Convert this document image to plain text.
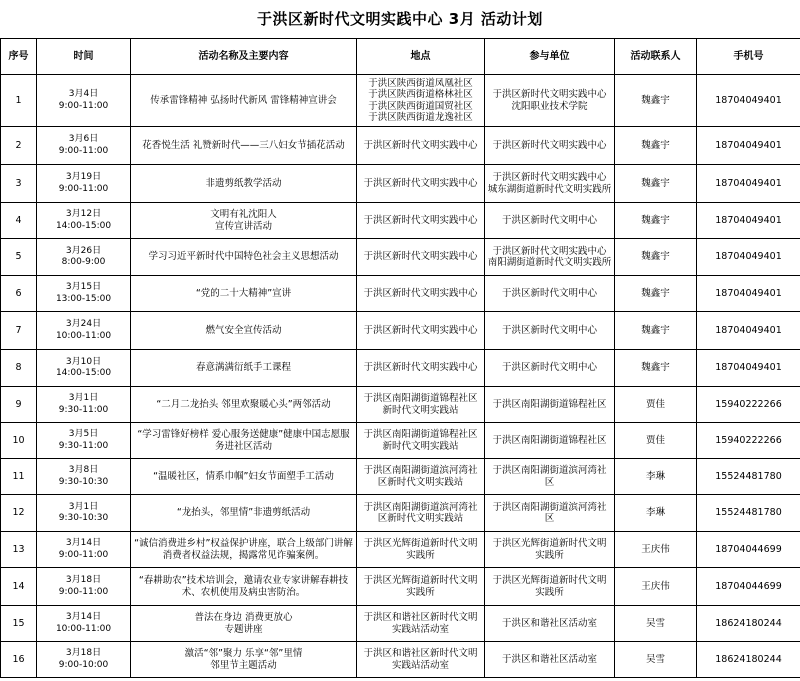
于洪区新时代文明实践中心 3月 活动计划
序号	时间	活动名称及主要内容	地点	参与单位	活动联系人	手机号
1	3月4日
9:00-11:00	传承雷锋精神 弘扬时代新风 雷锋精神宣讲会	于洪区陕西街道凤凰社区
于洪区陕西街道格林社区
于洪区陕西街道国贸社区
于洪区陕西街道龙逸社区	于洪区新时代文明实践中心
沈阳职业技术学院	魏鑫宇	18704049401
2	3月6日
9:00-11:00	花香悦生活 礼赞新时代——三八妇女节插花活动	于洪区新时代文明实践中心	于洪区新时代文明实践中心	魏鑫宇	18704049401
3	3月19日
9:00-11:00	非遗剪纸教学活动	于洪区新时代文明实践中心	于洪区新时代文明实践中心
城东湖街道新时代文明实践所	魏鑫宇	18704049401
4	3月12日
14:00-15:00	文明有礼沈阳人
宣传宣讲活动	于洪区新时代文明实践中心	于洪区新时代文明中心	魏鑫宇	18704049401
5	3月26日
8:00-9:00	学习习近平新时代中国特色社会主义思想活动	于洪区新时代文明实践中心	于洪区新时代文明实践中心
南阳湖街道新时代文明实践所	魏鑫宇	18704049401
6	3月15日
13:00-15:00	“党的二十大精神”宣讲	于洪区新时代文明实践中心	于洪区新时代文明中心	魏鑫宇	18704049401
7	3月24日
10:00-11:00	燃气安全宣传活动	于洪区新时代文明实践中心	于洪区新时代文明中心	魏鑫宇	18704049401
8	3月10日
14:00-15:00	春意满满衍纸手工课程	于洪区新时代文明实践中心	于洪区新时代文明中心	魏鑫宇	18704049401
9	3月1日
9:30-11:00	“二月二龙抬头 邻里欢聚暖心头”两邻活动	于洪区南阳湖街道锦程社区
新时代文明实践站	于洪区南阳湖街道锦程社区	贾佳	15940222266
10	3月5日
9:30-11:00	“学习雷锋好榜样 爱心服务送健康”健康中国志愿服务进社区活动	于洪区南阳湖街道锦程社区
新时代文明实践站	于洪区南阳湖街道锦程社区	贾佳	15940222266
11	3月8日
9:30-10:30	“温暖社区，情系巾帼”妇女节面塑手工活动	于洪区南阳湖街道滨河湾社
区新时代文明实践站	于洪区南阳湖街道滨河湾社
区	李琳	15524481780
12	3月1日
9:30-10:30	“龙抬头，邻里情”非遗剪纸活动	于洪区南阳湖街道滨河湾社
区新时代文明实践站	于洪区南阳湖街道滨河湾社
区	李琳	15524481780
13	3月14日
9:00-11:00	“诚信消费进乡村”权益保护讲座，联合上级部门讲解消费者权益法规，揭露常见诈骗案例。	于洪区光辉街道新时代文明
实践所	于洪区光辉街道新时代文明
实践所	王庆伟	18704044699
14	3月18日
9:00-11:00	“春耕助农”技术培训会，邀请农业专家讲解春耕技术、农机使用及病虫害防治。	于洪区光辉街道新时代文明
实践所	于洪区光辉街道新时代文明
实践所	王庆伟	18704044699
15	3月14日
10:00-11:00	普法在身边 消费更放心
专题讲座	于洪区和谐社区新时代文明
实践站活动室	于洪区和谐社区活动室	吴雪	18624180244
16	3月18日
9:00-10:00	激活“邻”聚力 乐享“邻”里情
邻里节主题活动	于洪区和谐社区新时代文明
实践站活动室	于洪区和谐社区活动室	吴雪	18624180244
